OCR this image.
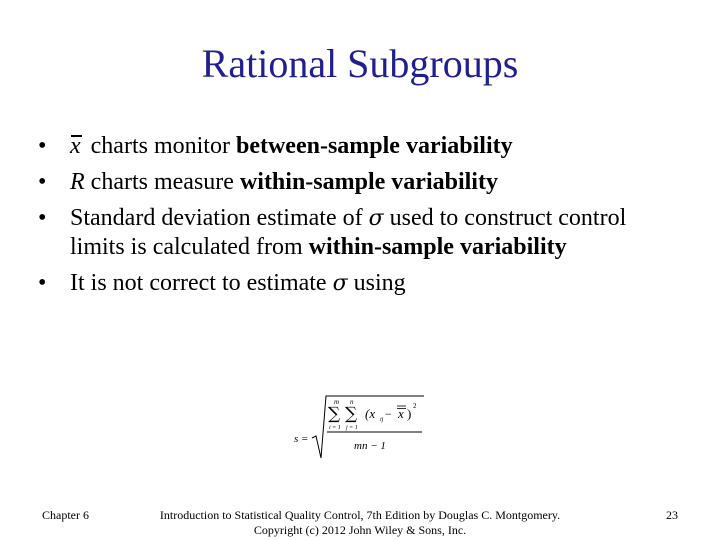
Rational Subgroups
• x charts monitor between-sample variability
• R charts measure within-sample variability
• Standard deviation estimate of σ used to construct control limits is calculated from within-sample variability
• It is not correct to estimate σ using
s =
m
∑
i = 1
n
∑
j = 1
(x ij − x ) 2
mn − 1
Chapter 6	Introduction to Statistical Quality Control, 7th Edition by Douglas C. Montgomery.
Copyright (c) 2012 John Wiley & Sons, Inc.
23
